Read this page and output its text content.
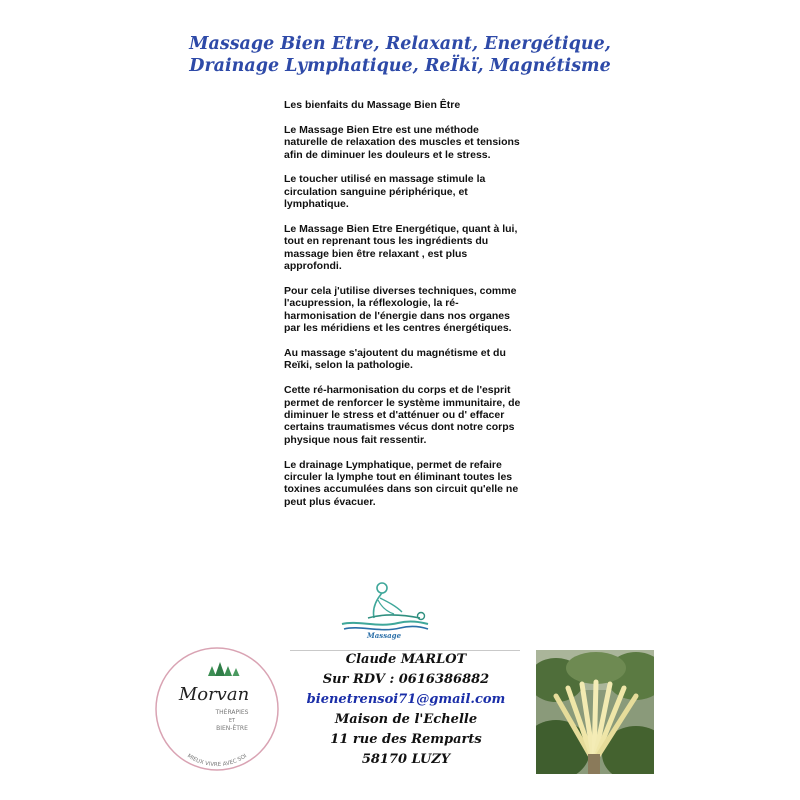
Massage Bien Etre, Relaxant, Energétique,
Drainage Lymphatique, ReÏkï, Magnétisme

Les bienfaits du Massage Bien Être

Le Massage Bien Etre est une méthode naturelle de relaxation des muscles et tensions afin de diminuer les douleurs et le stress.

Le toucher utilisé en massage stimule la circulation sanguine périphérique, et lymphatique.

Le Massage Bien Etre Energétique, quant à lui, tout en reprenant tous les ingrédients du massage bien être relaxant , est plus approfondi.

Pour cela j'utilise diverses techniques, comme l'acupression, la réflexologie, la ré-harmonisation de l'énergie dans nos organes par les méridiens et les centres énergétiques.

Au massage s'ajoutent du magnétisme et du Reïki, selon la pathologie.

Cette ré-harmonisation du corps et de l'esprit permet de renforcer le système immunitaire, de diminuer le stress et d'atténuer ou d' effacer certains traumatismes vécus dont notre corps physique nous fait ressentir.

Le drainage Lymphatique, permet de refaire circuler la lymphe tout en éliminant toutes les toxines accumulées dans son circuit qu'elle ne peut plus évacuer.

Massage
Morvan
THÉRAPIES
ET
BIEN-ÊTRE
MIEUX VIVRE AVEC SOI
Claude MARLOT
Sur RDV : 0616386882
bienetrensoi71@gmail.com
Maison de l'Echelle
11 rue des Remparts
58170 LUZY
